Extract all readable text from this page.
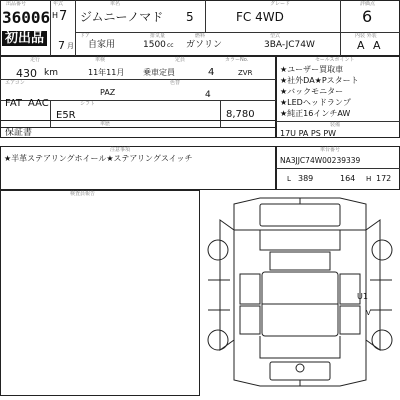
出品番号
36006
初出品
年式
H 7
7 月
車名
ジムニーノマド 5
グレード
FC 4WD
評価点
6
ドア	排気量	燃料	型式	内装 外装
自家用	1500 cc ガソリン	3BA-JC74W	A A
走行	車検	定員	カラーNo.
430 km	11年11月 乗車定員	4	ZVR
エアコン	色替
PAZ	4
FAT AAC	シフト
E5R	8,780
車歴
保証書
セールスポイント
★ユーザー買取車
★社外DA★Pスタート
★バックモニター
★LEDヘッドランプ
★純正16インチAW
装備
17U PA PS PW
注意事項
★半革ステアリングホイール★ステアリングスイッチ
車台番号
NA3JJC74W00239339
L 389	164 H 172
検査員報告
U1
V
